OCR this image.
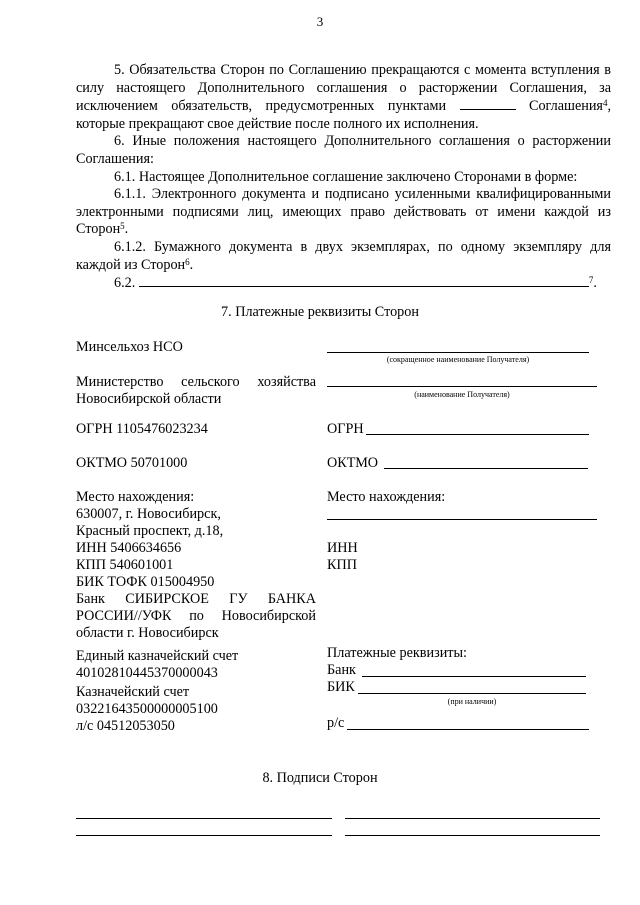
3

5. Обязательства Сторон по Соглашению прекращаются с момента вступления в силу настоящего Дополнительного соглашения о расторжении Соглашения, за исключением обязательств, предусмотренных пунктами	Соглашения$^4$, которые прекращают свое действие после полного их исполнения.

6. Иные положения настоящего Дополнительного соглашения о расторжении Соглашения:

6.1. Настоящее Дополнительное соглашение заключено Сторонами в форме:

6.1.1. Электронного документа и подписано усиленными квалифицированными электронными подписями лиц, имеющих право действовать от имени каждой из Сторон$^5$.

6.1.2. Бумажного документа в двух экземплярах, по одному экземпляру для каждой из Сторон$^6$.

6.2.	$^7$.

7. Платежные реквизиты Сторон
Минсельхоз НСО
Министерство сельского хозяйства
Новосибирской области
ОГРН 1105476023234
ОКТМО 50701000
Место нахождения:
630007, г. Новосибирск,
Красный проспект, д.18,
ИНН 5406634656
КПП 540601001
БИК ТОФК 015004950
Банк СИБИРСКОЕ ГУ БАНКА
РОССИИ//УФК по Новосибирской
области г. Новосибирск
Единый казначейский счет
40102810445370000043
Казначейский счет
03221643500000005100
л/с 04512053050
(сокращенное наименование Получателя)
(наименование Получателя)
ОГРН
ОКТМО
Место нахождения:
ИНН
КПП
Платежные реквизиты:
Банк
БИК
(при наличии)
р/с
8. Подписи Сторон
